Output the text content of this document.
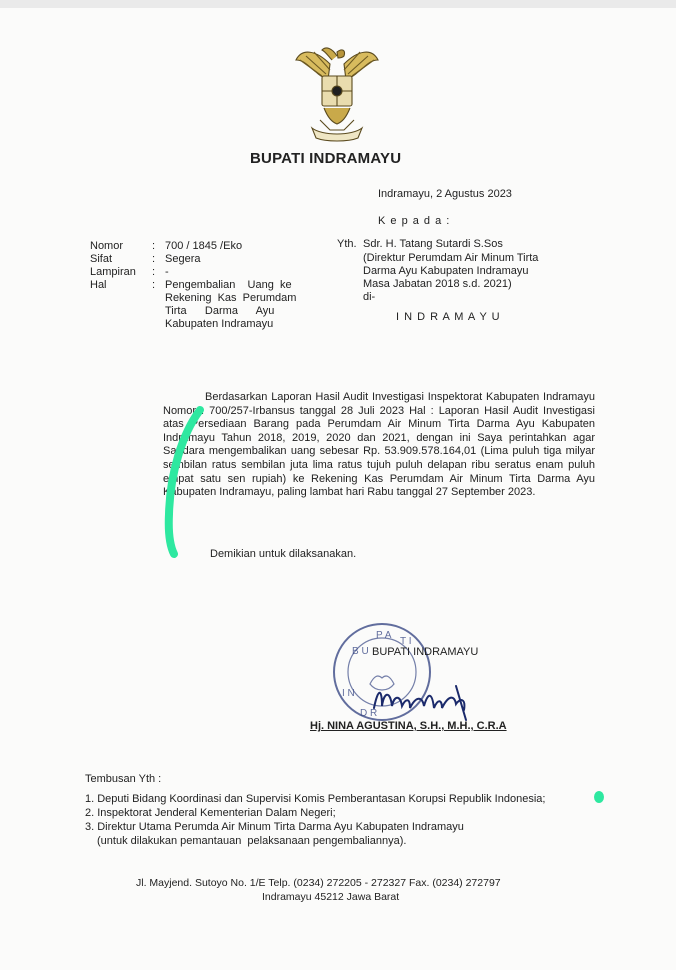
BUPATI INDRAMAYU
Indramayu, 2 Agustus 2023
K e p a d a :
Yth. Sdr. H. Tatang Sutardi S.Sos
(Direktur Perumdam Air Minum Tirta
Darma Ayu Kabupaten Indramayu
Masa Jabatan 2018 s.d. 2021)
di-
I N D R A M A Y U
Nomor	: 700 / 1845 /Eko
Sifat	: Segera
Lampiran	: -
Hal	: Pengembalian    Uang  ke
Rekening  Kas  Perumdam
Tirta      Darma      Ayu
Kabupaten Indramayu
Berdasarkan Laporan Hasil Audit Investigasi Inspektorat Kabupaten Indramayu Nomor : 700/257-Irbansus tanggal 28 Juli 2023 Hal : Laporan Hasil Audit Investigasi atas Persediaan Barang pada Perumdam Air Minum Tirta Darma Ayu Kabupaten Indramayu Tahun 2018, 2019, 2020 dan 2021, dengan ini Saya perintahkan agar Saudara mengembalikan uang sebesar Rp. 53.909.578.164,01 (Lima puluh tiga milyar sembilan ratus sembilan juta lima ratus tujuh puluh delapan ribu seratus enam puluh empat satu sen rupiah) ke Rekening Kas Perumdam Air Minum Tirta Darma Ayu Kabupaten Indramayu, paling lambat hari Rabu tanggal 27 September 2023.
Demikian untuk dilaksanakan.
B U
P A
T I
I N
D R
BUPATI INDRAMAYU
Hj. NINA AGUSTINA, S.H., M.H., C.R.A
Tembusan Yth :
1. Deputi Bidang Koordinasi dan Supervisi Komis Pemberantasan Korupsi Republik Indonesia;
2. Inspektorat Jenderal Kementerian Dalam Negeri;
3. Direktur Utama Perumda Air Minum Tirta Darma Ayu Kabupaten Indramayu
(untuk dilakukan pemantauan  pelaksanaan pengembaliannya).
Jl. Mayjend. Sutoyo No. 1/E Telp. (0234) 272205 - 272327 Fax. (0234) 272797
Indramayu 45212 Jawa Barat
